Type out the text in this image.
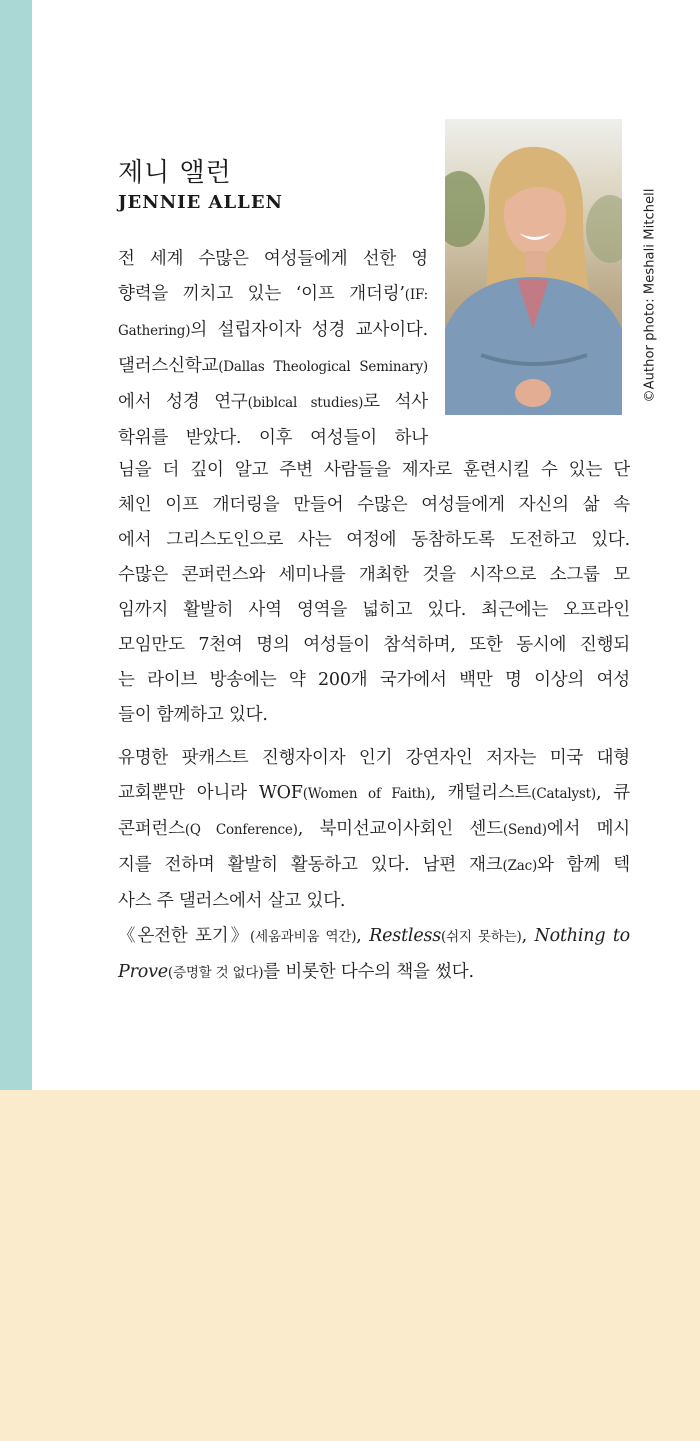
©Author photo: Meshali Mitchell
제니 앨런
JENNIE ALLEN

전 세계 수많은 여성들에게 선한 영
향력을 끼치고 있는 ‘이프 개더링’(IF:
Gathering)의 설립자이자 성경 교사이다.
댈러스신학교(Dallas Theological Seminary)
에서 성경 연구(biblcal studies)로 석사
학위를 받았다. 이후 여성들이 하나

님을 더 깊이 알고 주변 사람들을 제자로 훈련시킬 수 있는 단
체인 이프 개더링을 만들어 수많은 여성들에게 자신의 삶 속
에서 그리스도인으로 사는 여정에 동참하도록 도전하고 있다.
수많은 콘퍼런스와 세미나를 개최한 것을 시작으로 소그룹 모
임까지 활발히 사역 영역을 넓히고 있다. 최근에는 오프라인
모임만도 7천여 명의 여성들이 참석하며, 또한 동시에 진행되
는 라이브 방송에는 약 200개 국가에서 백만 명 이상의 여성
들이 함께하고 있다.

유명한 팟캐스트 진행자이자 인기 강연자인 저자는 미국 대형
교회뿐만 아니라 WOF(Women of Faith), 캐털리스트(Catalyst), 큐
콘퍼런스(Q Conference), 북미선교이사회인 센드(Send)에서 메시
지를 전하며 활발히 활동하고 있다. 남편 재크(Zac)와 함께 텍
사스 주 댈러스에서 살고 있다.

《온전한 포기》(세움과비움 역간), Restless(쉬지 못하는), Nothing to
Prove(증명할 것 없다)를 비롯한 다수의 책을 썼다.
